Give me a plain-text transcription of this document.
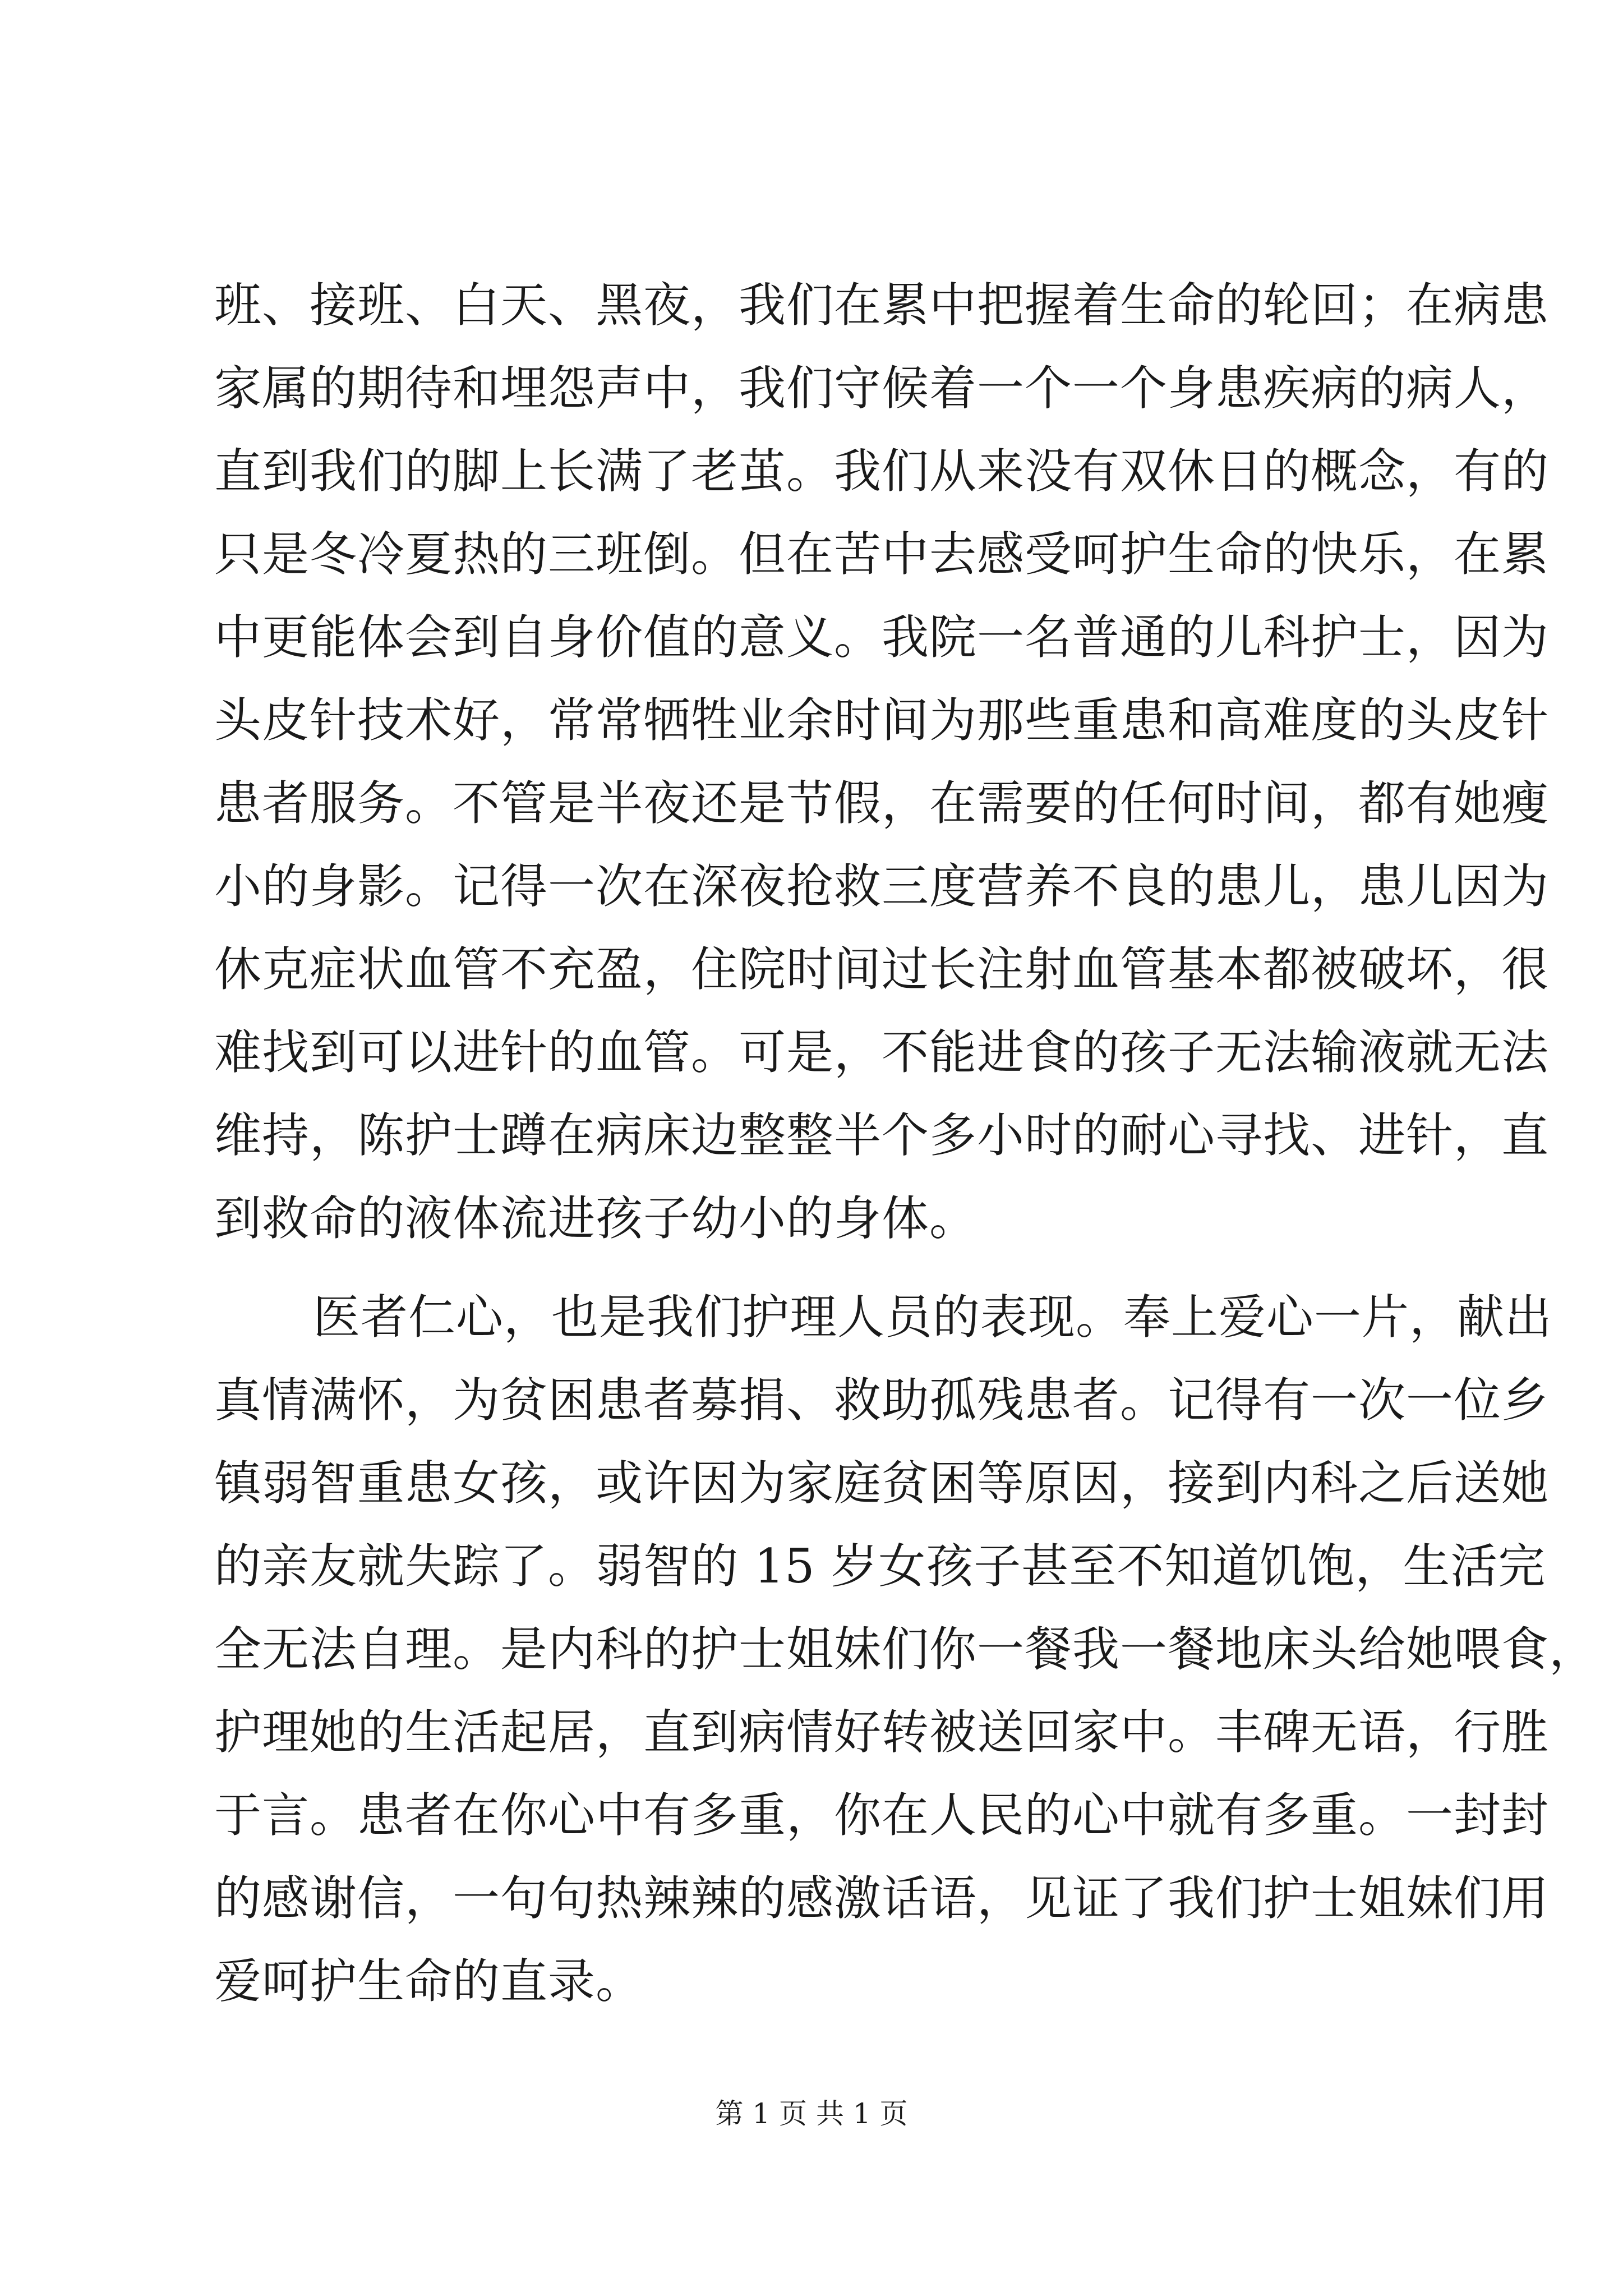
班、接班、白天、黑夜，我们在累中把握着生命的轮回；在病患
家属的期待和埋怨声中，我们守候着一个一个身患疾病的病人，
直到我们的脚上长满了老茧。我们从来没有双休日的概念，有的
只是冬冷夏热的三班倒。但在苦中去感受呵护生命的快乐，在累
中更能体会到自身价值的意义。我院一名普通的儿科护士，因为
头皮针技术好，常常牺牲业余时间为那些重患和高难度的头皮针
患者服务。不管是半夜还是节假，在需要的任何时间，都有她瘦
小的身影。记得一次在深夜抢救三度营养不良的患儿，患儿因为
休克症状血管不充盈，住院时间过长注射血管基本都被破坏，很
难找到可以进针的血管。可是，不能进食的孩子无法输液就无法
维持，陈护士蹲在病床边整整半个多小时的耐心寻找、进针，直
到救命的液体流进孩子幼小的身体。
医者仁心，也是我们护理人员的表现。奉上爱心一片，献出
真情满怀，为贫困患者募捐、救助孤残患者。记得有一次一位乡
镇弱智重患女孩，或许因为家庭贫困等原因，接到内科之后送她
的亲友就失踪了。弱智的 15 岁女孩子甚至不知道饥饱，生活完
全无法自理。是内科的护士姐妹们你一餐我一餐地床头给她喂食，
护理她的生活起居，直到病情好转被送回家中。丰碑无语，行胜
于言。患者在你心中有多重，你在人民的心中就有多重。一封封
的感谢信，一句句热辣辣的感激话语，见证了我们护士姐妹们用
爱呵护生命的直录。
第 1 页 共 1 页
